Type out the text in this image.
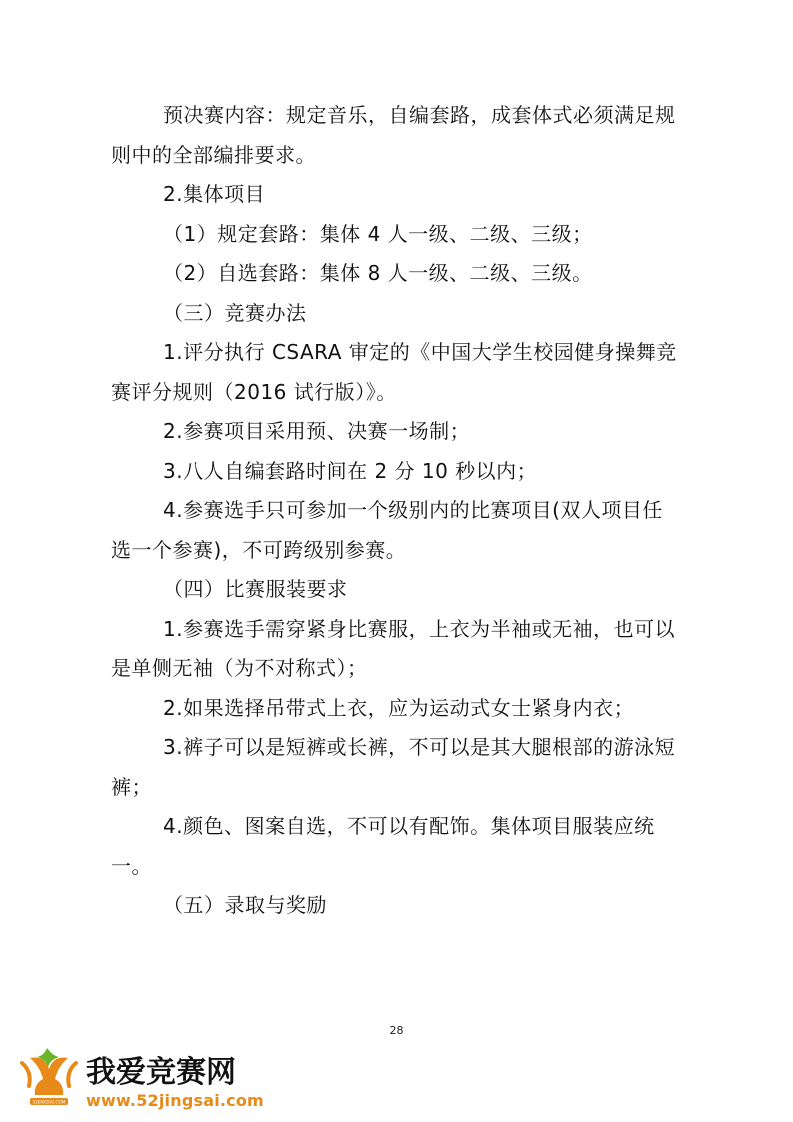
预决赛内容：规定音乐，自编套路，成套体式必须满足规则中的全部编排要求。

2.集体项目

（1）规定套路：集体 4 人一级、二级、三级；

（2）自选套路：集体 8 人一级、二级、三级。

（三）竞赛办法

1.评分执行 CSARA 审定的《中国大学生校园健身操舞竞赛评分规则（2016 试行版）》。

2.参赛项目采用预、决赛一场制；

3.八人自编套路时间在 2 分 10 秒以内；

4.参赛选手只可参加一个级别内的比赛项目(双人项目任选一个参赛)，不可跨级别参赛。

（四）比赛服装要求

1.参赛选手需穿紧身比赛服，上衣为半袖或无袖，也可以是单侧无袖（为不对称式）；

2.如果选择吊带式上衣，应为运动式女士紧身内衣；

3.裤子可以是短裤或长裤，不可以是其大腿根部的游泳短裤；

4.颜色、图案自选，不可以有配饰。集体项目服装应统一。

（五）录取与奖励

28
52JINGSAI.COM
我爱竞赛网
www.52jingsai.com
